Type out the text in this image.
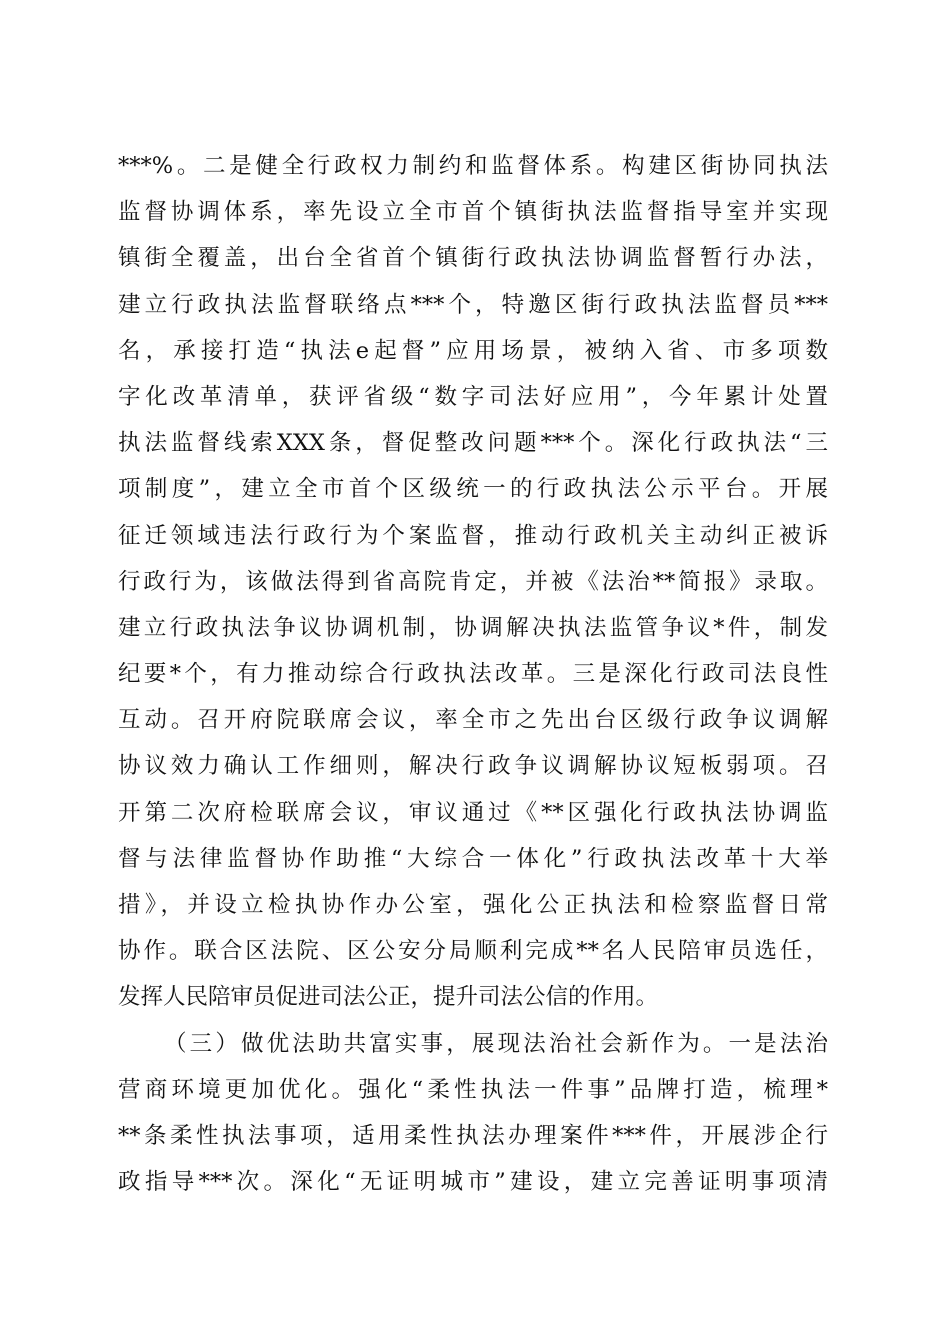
***%。二是健全行政权力制约和监督体系。构建区街协同执法
监督协调体系，率先设立全市首个镇街执法监督指导室并实现
镇街全覆盖，出台全省首个镇街行政执法协调监督暂行办法，
建立行政执法监督联络点***个，特邀区街行政执法监督员***
名，承接打造“执法e起督”应用场景，被纳入省、市多项数
字化改革清单，获评省级“数字司法好应用”，今年累计处置
执法监督线索XXX条，督促整改问题***个。深化行政执法“三
项制度”，建立全市首个区级统一的行政执法公示平台。开展
征迁领域违法行政行为个案监督，推动行政机关主动纠正被诉
行政行为，该做法得到省高院肯定，并被《法治**简报》录取。
建立行政执法争议协调机制，协调解决执法监管争议*件，制发
纪要*个，有力推动综合行政执法改革。三是深化行政司法良性
互动。召开府院联席会议，率全市之先出台区级行政争议调解
协议效力确认工作细则，解决行政争议调解协议短板弱项。召
开第二次府检联席会议，审议通过《**区强化行政执法协调监
督与法律监督协作助推“大综合一体化”行政执法改革十大举
措》，并设立检执协作办公室，强化公正执法和检察监督日常
协作。联合区法院、区公安分局顺利完成**名人民陪审员选任，
发挥人民陪审员促进司法公正，提升司法公信的作用。
（三）做优法助共富实事，展现法治社会新作为。一是法治
营商环境更加优化。强化“柔性执法一件事”品牌打造，梳理*
**条柔性执法事项，适用柔性执法办理案件***件，开展涉企行
政指导***次。深化“无证明城市”建设，建立完善证明事项清
